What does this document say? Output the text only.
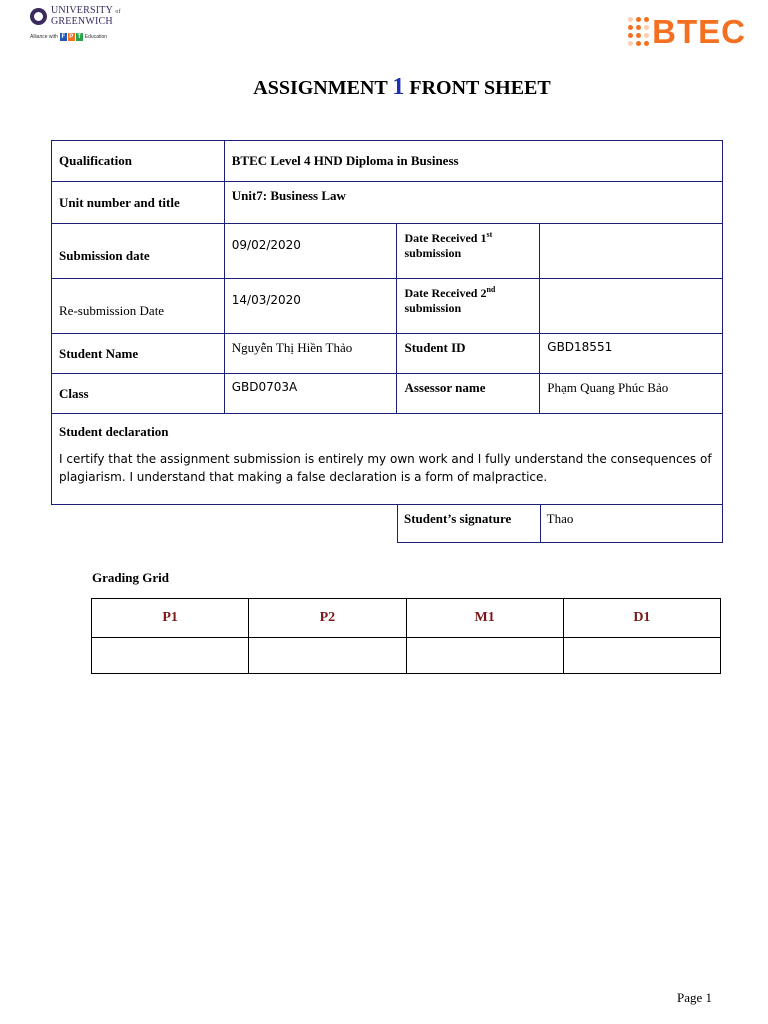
UNIVERSITY of
GREENWICH
Alliance with F P T Education	BTEC
ASSIGNMENT 1 FRONT SHEET
Qualification	BTEC Level 4 HND Diploma in Business		
Unit number and title	Unit7: Business Law		
Submission date	09/02/2020	Date Received 1st
submission	
Re-submission Date	14/03/2020	Date Received 2nd
submission	
Student Name	Nguyễn Thị Hiền Thảo	Student ID	GBD18551
Class	GBD0703A	Assessor name	Phạm Quang Phúc Bảo

Student declaration
I certify that the assignment submission is entirely my own work and I fully understand the consequences of plagiarism. I understand that making a false declaration is a form of malpractice.			
Student’s signature	Thao
Grading Grid
P1	P2	M1	D1

Page 1
